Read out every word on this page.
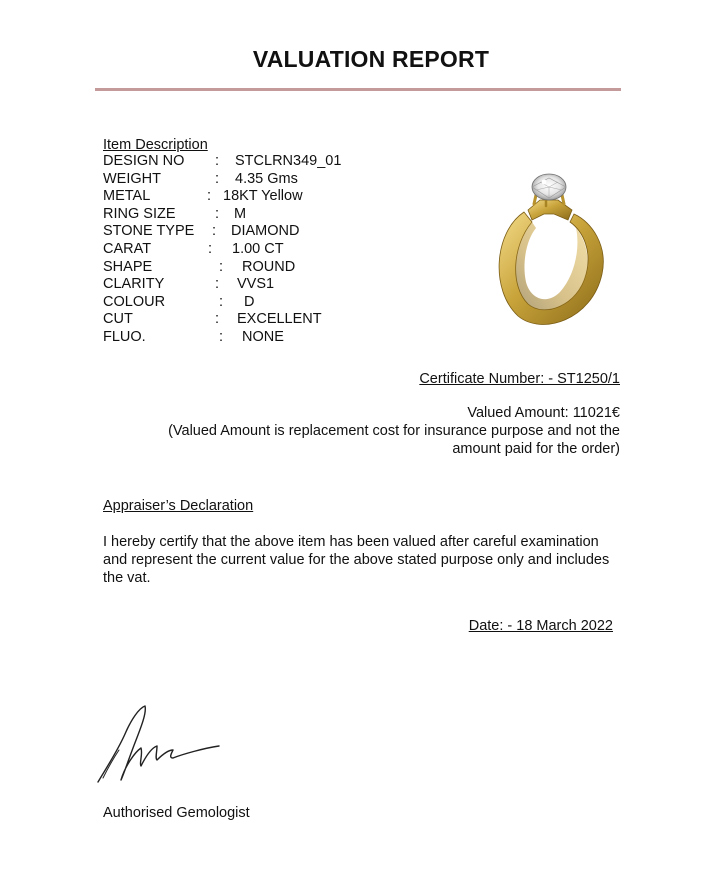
VALUATION REPORT
Item Description
DESIGN NO : STCLRN349_01
WEIGHT	: 4.35 Gms
METAL	: 18KT Yellow
RING SIZE	: M
STONE TYPE : DIAMOND
CARAT	: 1.00 CT
SHAPE	: ROUND
CLARITY	: VVS1
COLOUR	: D
CUT	: EXCELLENT
FLUO.	: NONE
Certificate Number: - ST1250/1
Valued Amount: 11021€
(Valued Amount is replacement cost for insurance purpose and not the amount paid for the order)
Appraiser’s Declaration
I hereby certify that the above item has been valued after careful examination and represent the current value for the above stated purpose only and includes the vat.
Date: - 18 March 2022
Authorised Gemologist
